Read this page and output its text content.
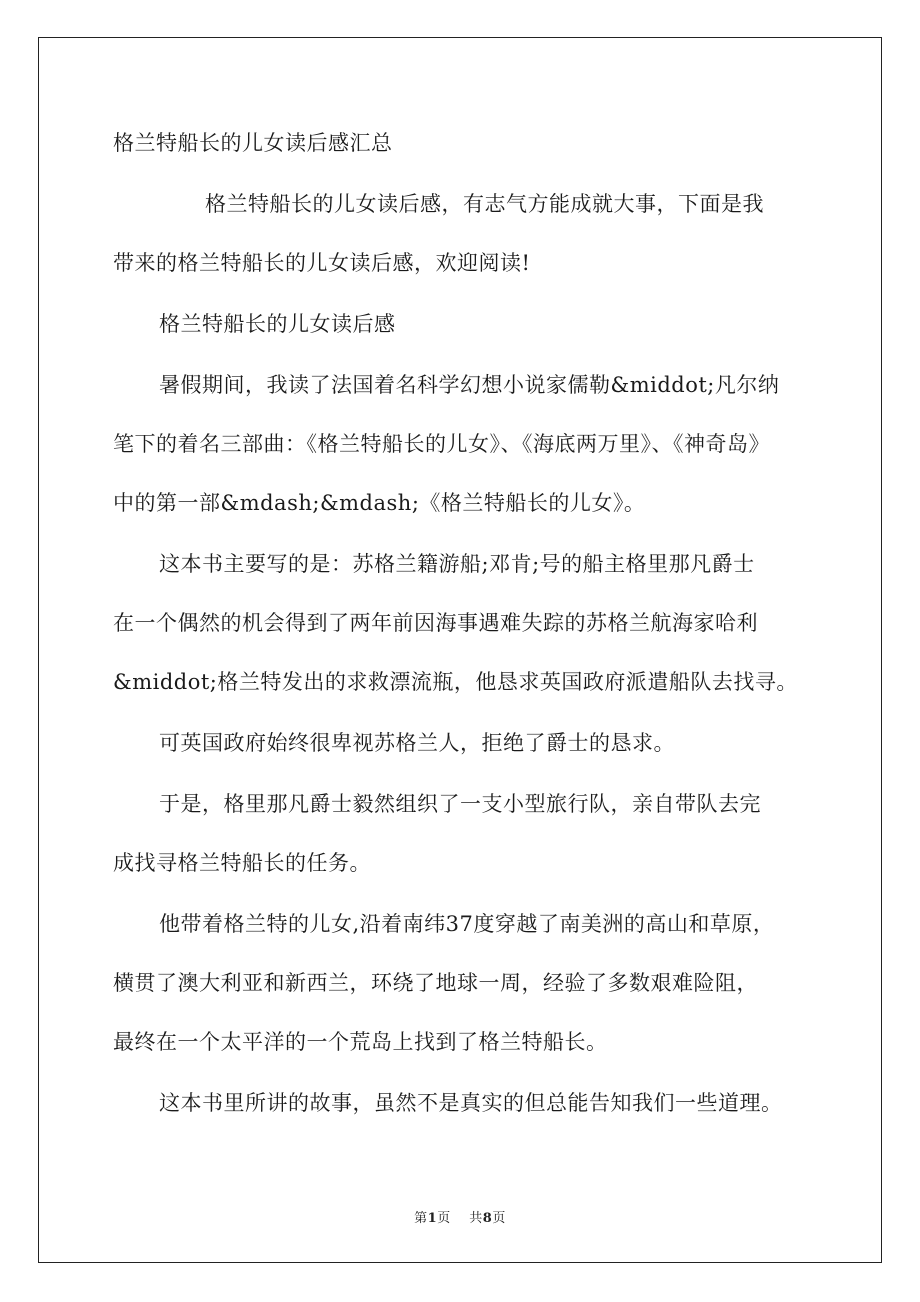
格兰特船长的儿女读后感汇总

格兰特船长的儿女读后感，有志气方能成就大事，下面是我

带来的格兰特船长的儿女读后感，欢迎阅读!

格兰特船长的儿女读后感

暑假期间，我读了法国着名科学幻想小说家儒勒&middot;凡尔纳

笔下的着名三部曲：《格兰特船长的儿女》、《海底两万里》、《神奇岛》

中的第一部&mdash;&mdash;《格兰特船长的儿女》。

这本书主要写的是：苏格兰籍游船;邓肯;号的船主格里那凡爵士

在一个偶然的机会得到了两年前因海事遇难失踪的苏格兰航海家哈利

&middot;格兰特发出的求救漂流瓶，他恳求英国政府派遣船队去找寻。

可英国政府始终很卑视苏格兰人，拒绝了爵士的恳求。

于是，格里那凡爵士毅然组织了一支小型旅行队，亲自带队去完

成找寻格兰特船长的任务。

他带着格兰特的儿女,沿着南纬37度穿越了南美洲的高山和草原，

横贯了澳大利亚和新西兰，环绕了地球一周，经验了多数艰难险阻，

最终在一个太平洋的一个荒岛上找到了格兰特船长。

这本书里所讲的故事，虽然不是真实的但总能告知我们一些道理。

第1页 共8页
